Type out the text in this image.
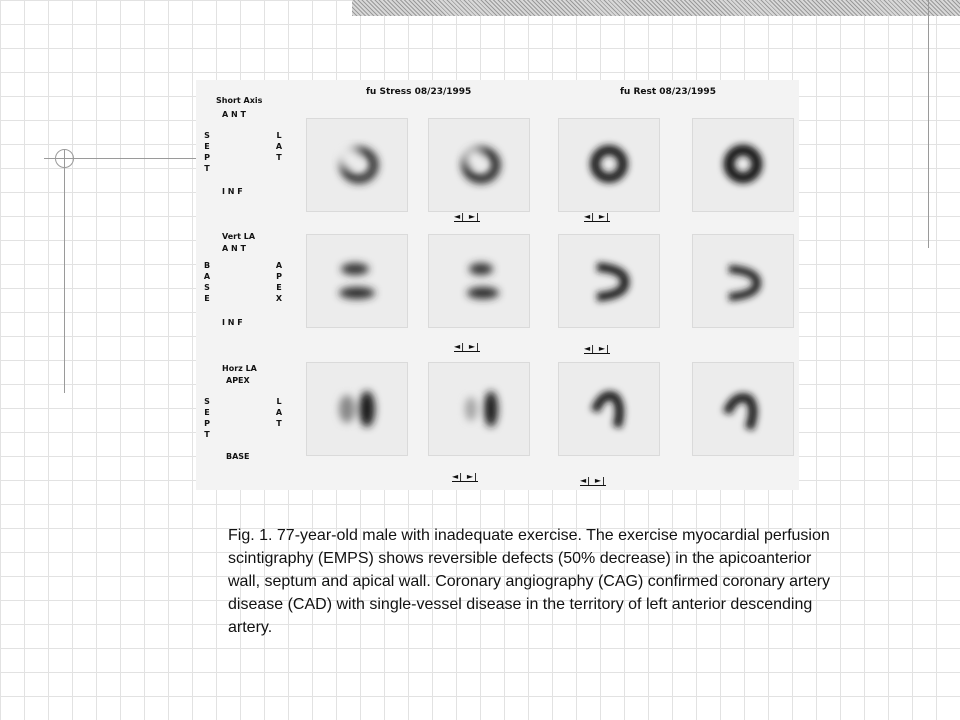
fu Stress 08/23/1995	fu Rest 08/23/1995
Short Axis
A N T
SEPT
LAT
I N F
◄| ►|	◄| ►|
Vert LA
A N T
BASE
APEX
I N F
◄| ►|	◄| ►|
Horz LA
APEX
SEPT
LAT
BASE
◄| ►|	◄| ►|

Fig. 1. 77-year-old male with inadequate exercise. The exercise myocardial perfusion scintigraphy (EMPS) shows reversible defects (50% decrease) in the apicoanterior wall, septum and apical wall. Coronary angiography (CAG) confirmed coronary artery disease (CAD) with single-vessel disease in the territory of left anterior descending artery.
